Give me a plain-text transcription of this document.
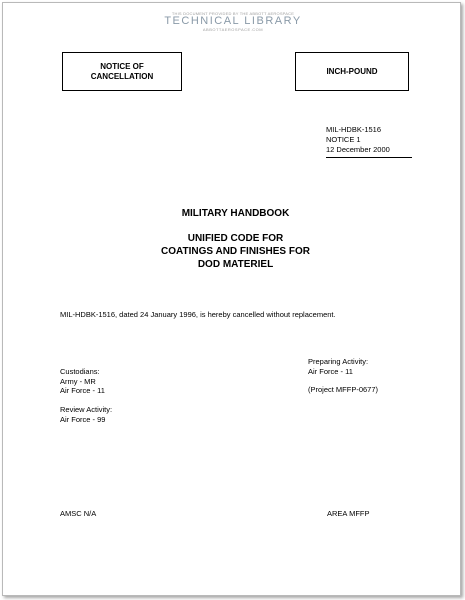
THIS DOCUMENT PROVIDED BY THE ABBOTT AEROSPACE
TECHNICAL LIBRARY
ABBOTTAEROSPACE.COM
NOTICE OF
CANCELLATION
INCH-POUND
MIL-HDBK-1516
NOTICE 1
12 December 2000
MILITARY HANDBOOK
UNIFIED CODE FOR
COATINGS AND FINISHES FOR
DOD MATERIEL
MIL-HDBK-1516, dated 24 January 1996, is hereby cancelled without replacement.
Preparing Activity:
Air Force - 11
(Project MFFP-0677)
Custodians:
Army - MR
Air Force - 11
Review Activity:
Air Force - 99
AMSC N/A	AREA MFFP
